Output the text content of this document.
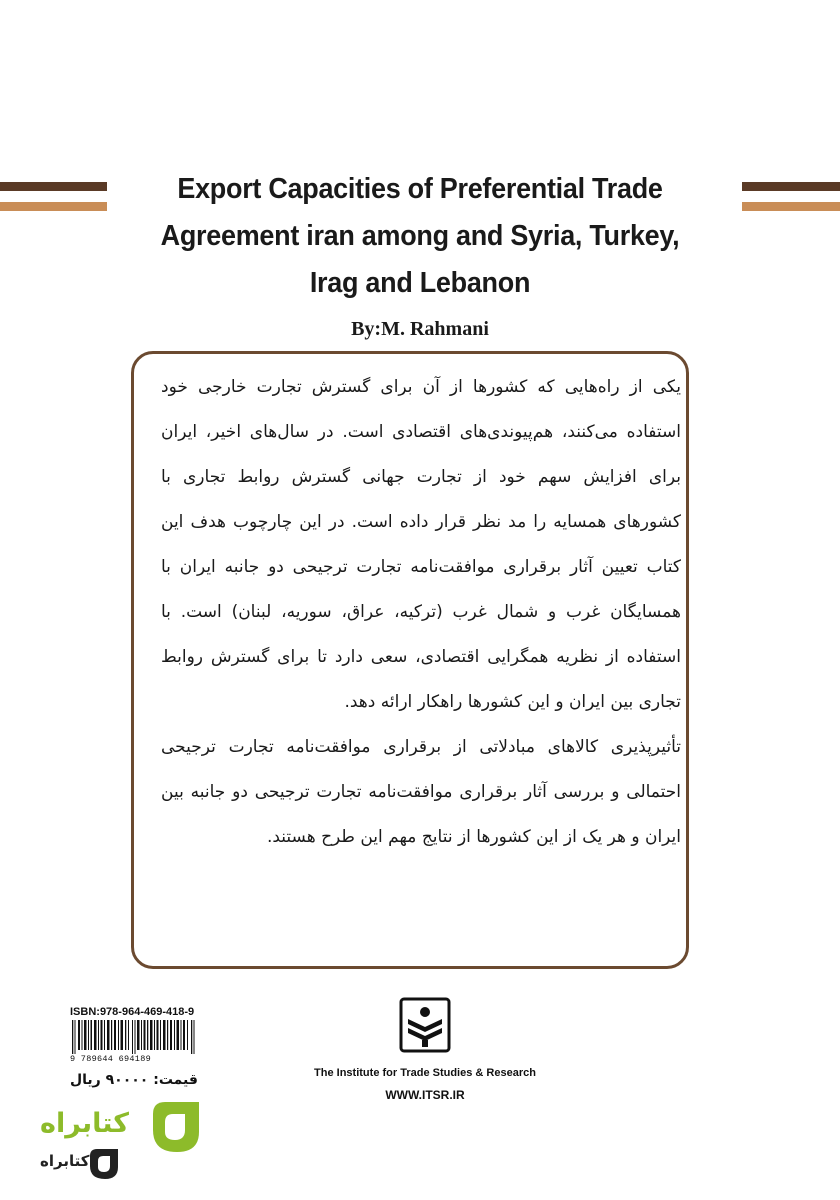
Export Capacities of Preferential Trade
Agreement iran among and Syria, Turkey,
Irag and Lebanon
By:M. Rahmani

یکی از راه‌هایی که کشورها از آن برای گسترش تجارت خارجی خود استفاده می‌کنند، هم‌پیوندی‌های اقتصادی است. در سال‌های اخیر، ایران برای افزایش سهم خود از تجارت جهانی گسترش روابط تجاری با کشورهای همسایه را مد نظر قرار داده است. در این چارچوب هدف این کتاب تعیین آثار برقراری موافقت‌نامه تجارت ترجیحی دو جانبه ایران با همسایگان غرب و شمال غرب (ترکیه، عراق، سوریه، لبنان) است. با استفاده از نظریه همگرایی اقتصادی، سعی دارد تا برای گسترش روابط تجاری بین ایران و این کشورها راهکار ارائه دهد.

تأثیرپذیری کالاهای مبادلاتی از برقراری موافقت‌نامه تجارت ترجیحی احتمالی و بررسی آثار برقراری موافقت‌نامه تجارت ترجیحی دو جانبه بین ایران و هر یک از این کشورها از نتایج مهم این طرح هستند.

ISBN:978-964-469-418-9
9 789644 694189
قیمت: ۹۰۰۰۰ ریال	The Institute for Trade Studies & Research
WWW.ITSR.IR
کتابراه
کتابراه
